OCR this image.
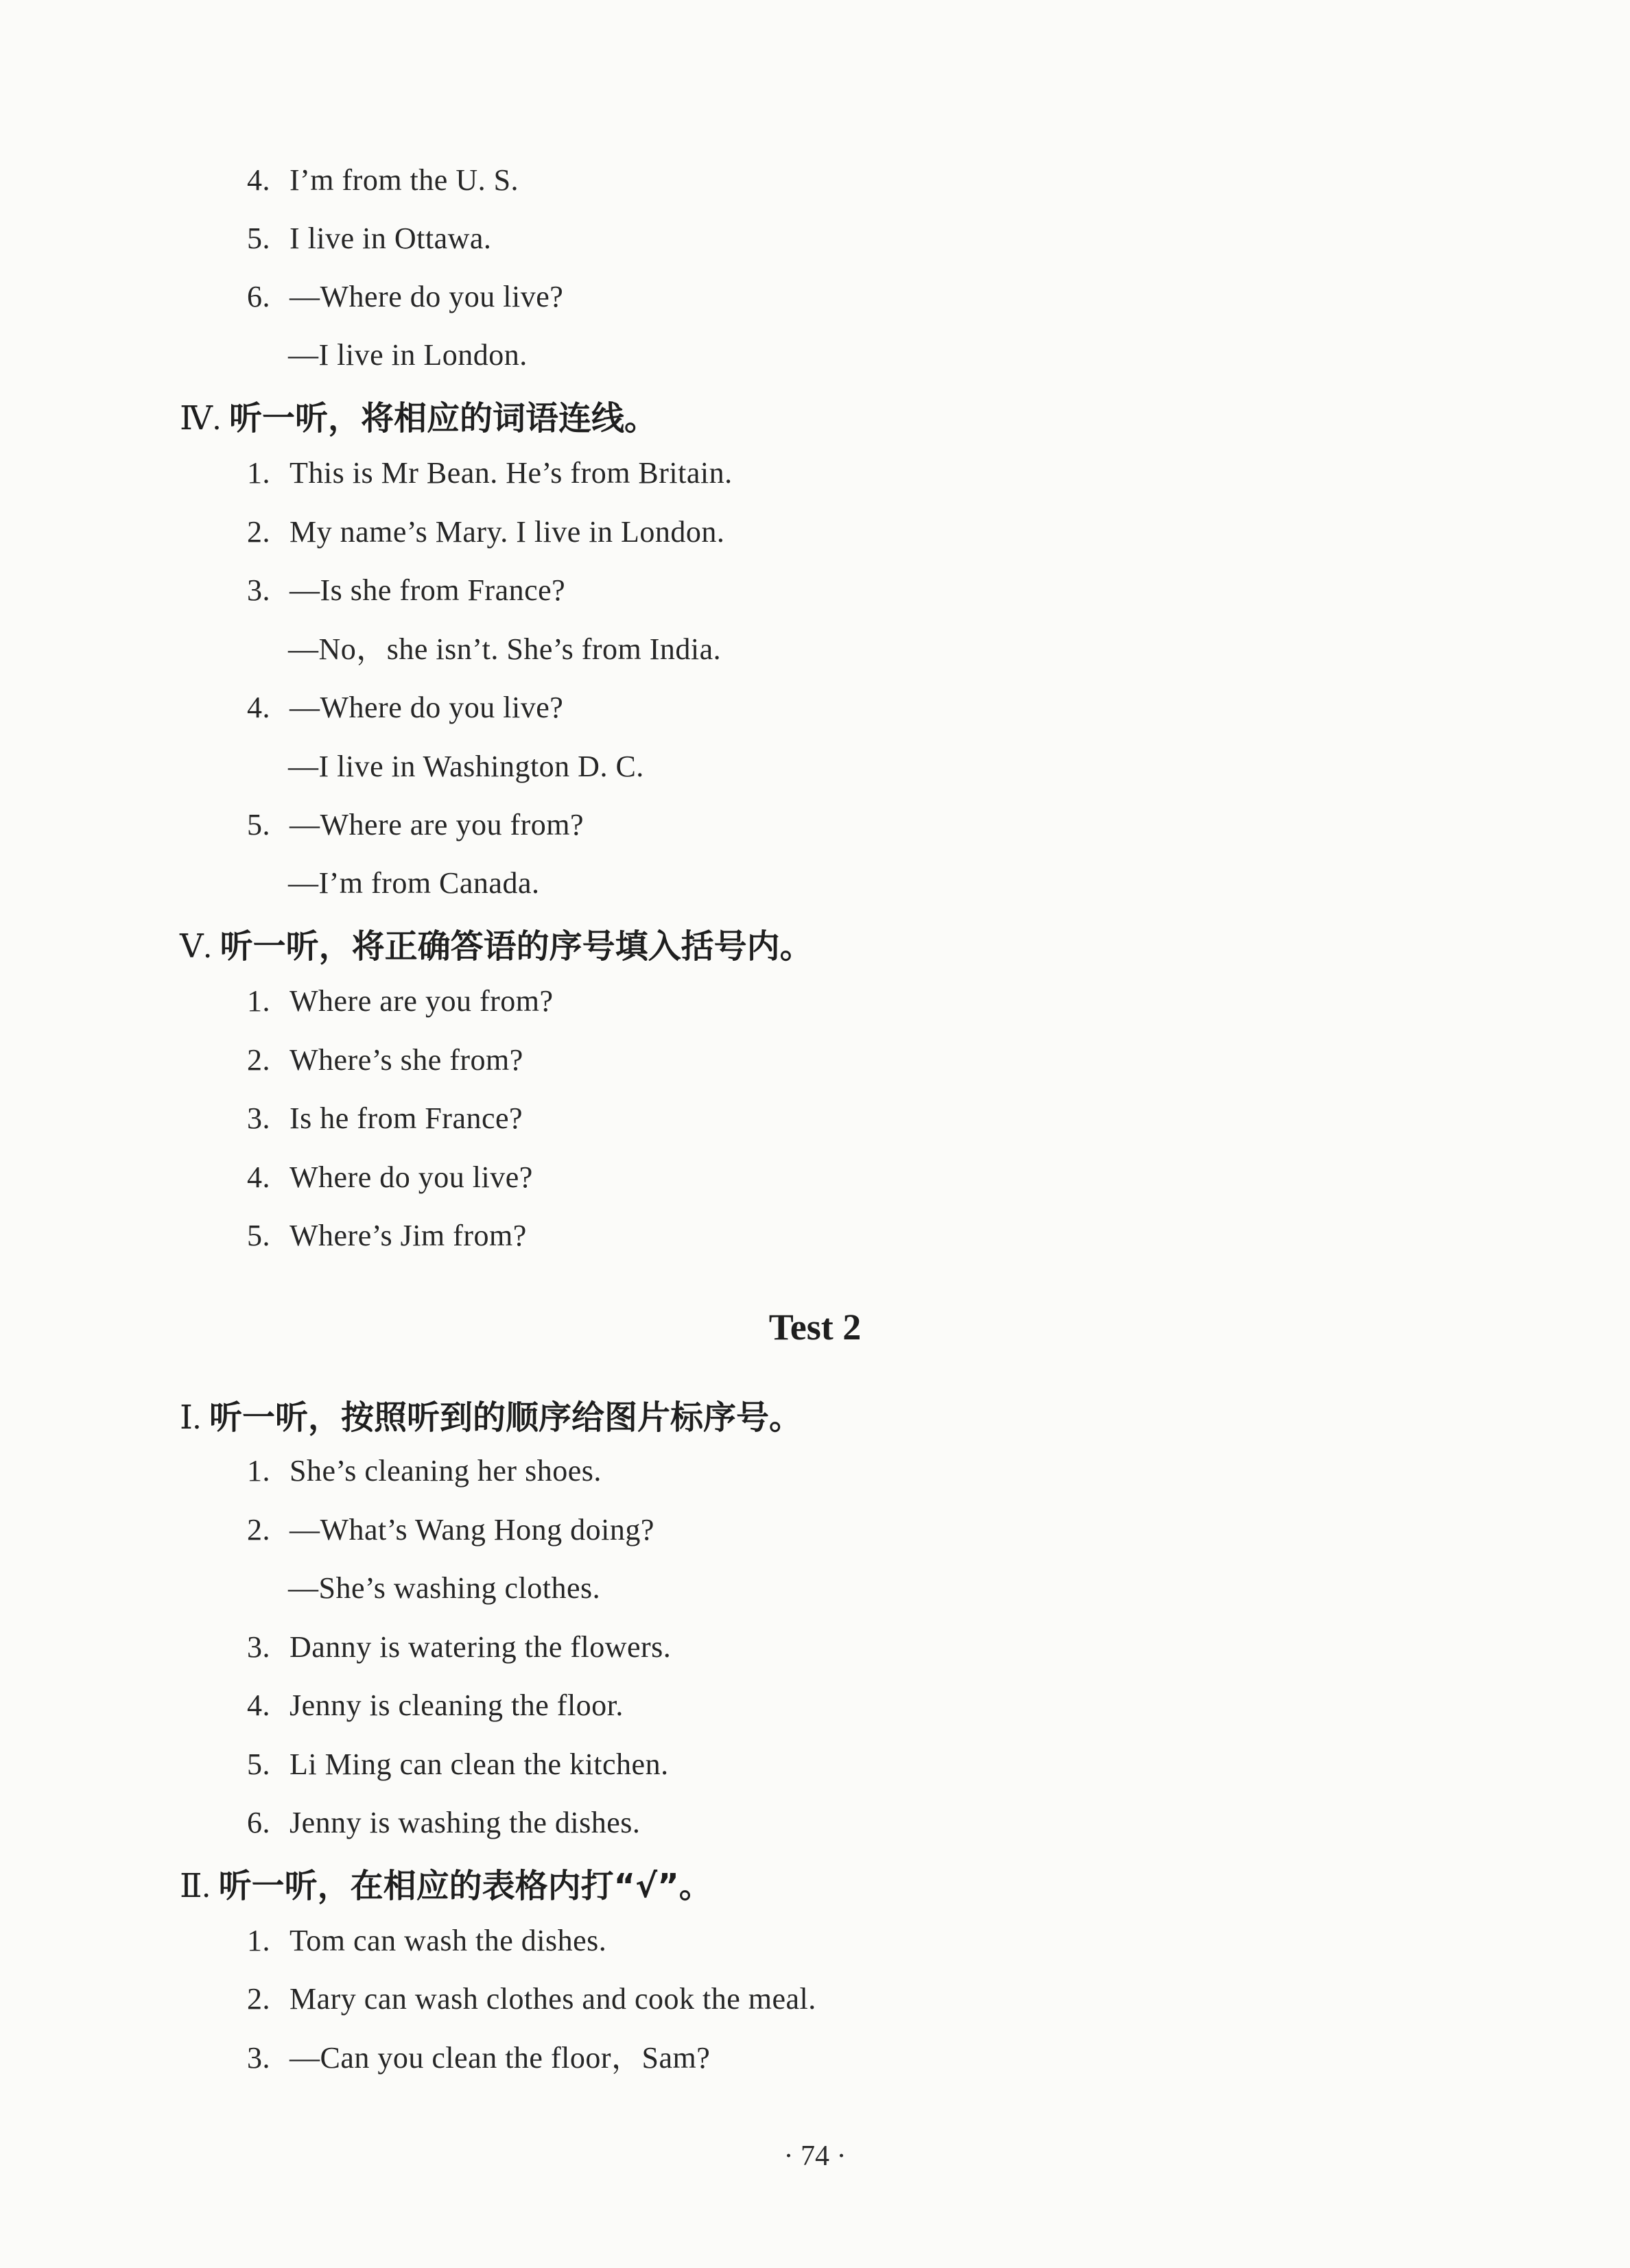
4. I’m from the U. S.
5. I live in Ottawa.
6. —Where do you live?
—I live in London.
Ⅳ. 听一听，将相应的词语连线。
1. This is Mr Bean. He’s from Britain.
2. My name’s Mary. I live in London.
3. —Is she from France?
—No，she isn’t. She’s from India.
4. —Where do you live?
—I live in Washington D. C.
5. —Where are you from?
—I’m from Canada.
Ⅴ. 听一听，将正确答语的序号填入括号内。
1. Where are you from?
2. Where’s she from?
3. Is he from France?
4. Where do you live?
5. Where’s Jim from?
Test 2
Ⅰ. 听一听，按照听到的顺序给图片标序号。
1. She’s cleaning her shoes.
2. —What’s Wang Hong doing?
—She’s washing clothes.
3. Danny is watering the flowers.
4. Jenny is cleaning the floor.
5. Li Ming can clean the kitchen.
6. Jenny is washing the dishes.
Ⅱ. 听一听，在相应的表格内打“√”。
1. Tom can wash the dishes.
2. Mary can wash clothes and cook the meal.
3. —Can you clean the floor，Sam?
· 74 ·
